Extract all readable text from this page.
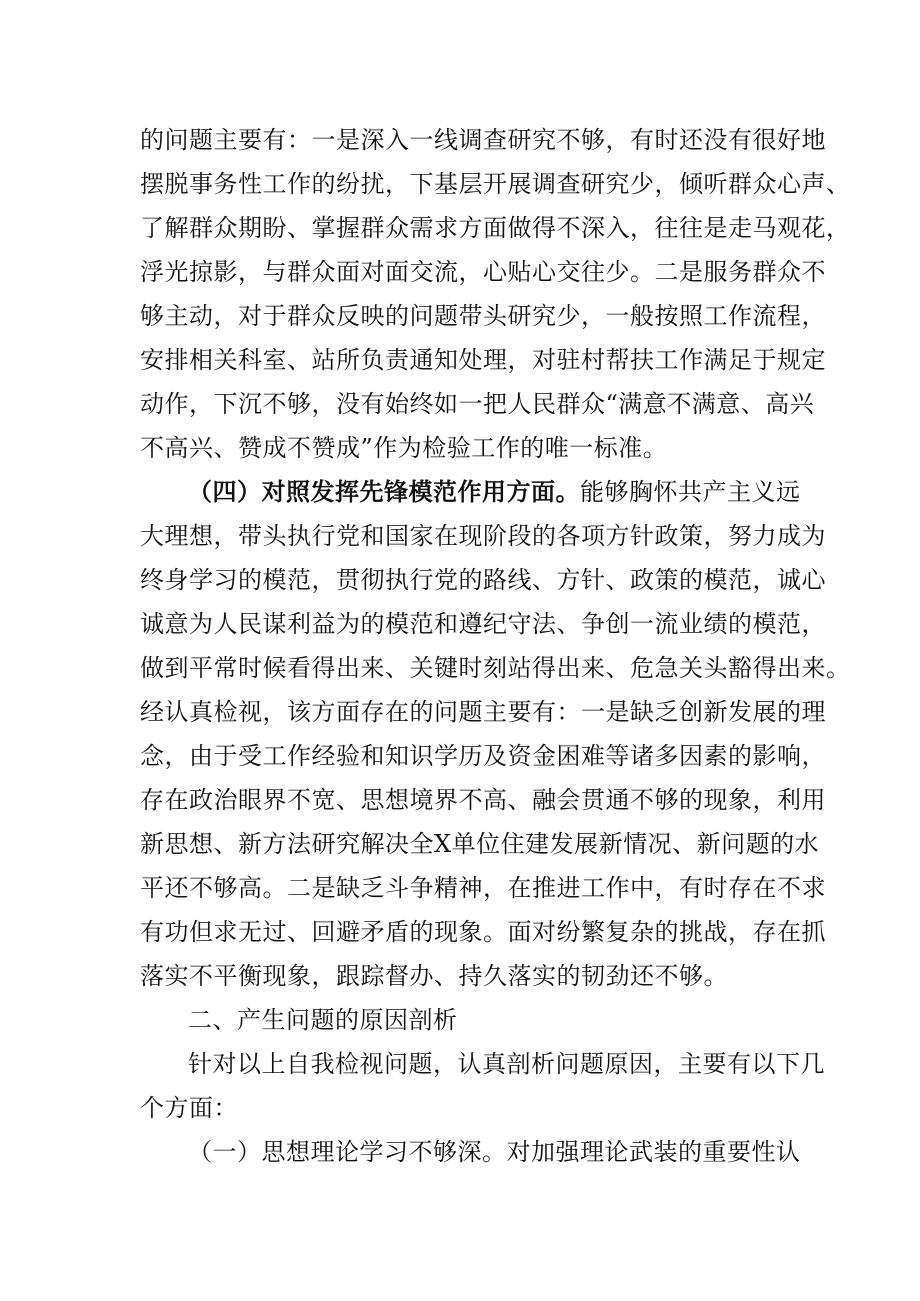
的问题主要有：一是深入一线调查研究不够，有时还没有很好地
摆脱事务性工作的纷扰，下基层开展调查研究少，倾听群众心声、
了解群众期盼、掌握群众需求方面做得不深入，往往是走马观花，
浮光掠影，与群众面对面交流，心贴心交往少。二是服务群众不
够主动，对于群众反映的问题带头研究少，一般按照工作流程，
安排相关科室、站所负责通知处理，对驻村帮扶工作满足于规定
动作，下沉不够，没有始终如一把人民群众“满意不满意、高兴
不高兴、赞成不赞成”作为检验工作的唯一标准。
（四）对照发挥先锋模范作用方面。能够胸怀共产主义远
大理想，带头执行党和国家在现阶段的各项方针政策，努力成为
终身学习的模范，贯彻执行党的路线、方针、政策的模范，诚心
诚意为人民谋利益为的模范和遵纪守法、争创一流业绩的模范，
做到平常时候看得出来、关键时刻站得出来、危急关头豁得出来。
经认真检视，该方面存在的问题主要有：一是缺乏创新发展的理
念，由于受工作经验和知识学历及资金困难等诸多因素的影响，
存在政治眼界不宽、思想境界不高、融会贯通不够的现象，利用
新思想、新方法研究解决全X单位住建发展新情况、新问题的水
平还不够高。二是缺乏斗争精神，在推进工作中，有时存在不求
有功但求无过、回避矛盾的现象。面对纷繁复杂的挑战，存在抓
落实不平衡现象，跟踪督办、持久落实的韧劲还不够。
二、产生问题的原因剖析
针对以上自我检视问题，认真剖析问题原因，主要有以下几
个方面：
（一）思想理论学习不够深。对加强理论武装的重要性认
